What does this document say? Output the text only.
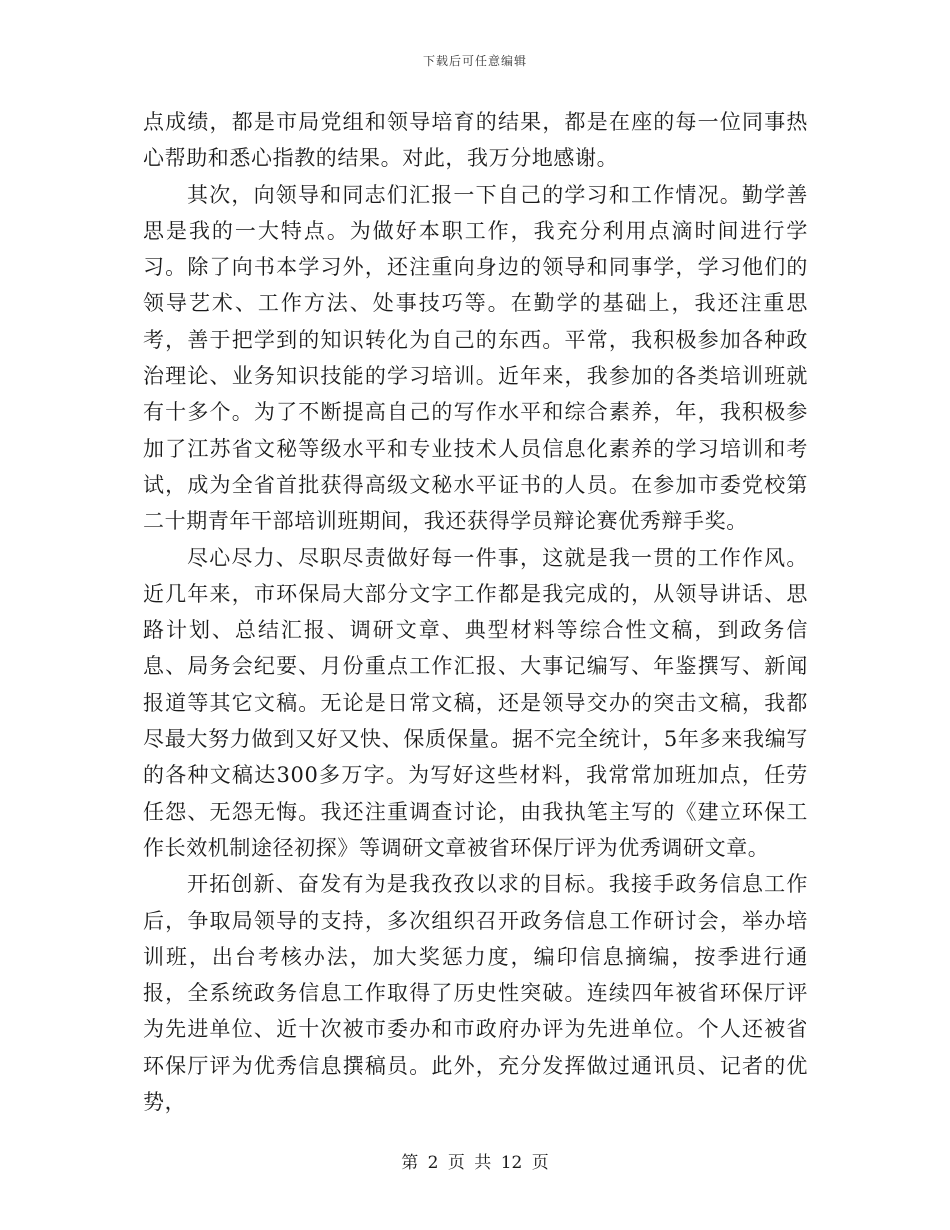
下载后可任意编辑

点成绩，都是市局党组和领导培育的结果，都是在座的每一位同事热心帮助和悉心指教的结果。对此，我万分地感谢。

其次，向领导和同志们汇报一下自己的学习和工作情况。勤学善思是我的一大特点。为做好本职工作，我充分利用点滴时间进行学习。除了向书本学习外，还注重向身边的领导和同事学，学习他们的领导艺术、工作方法、处事技巧等。在勤学的基础上，我还注重思考，善于把学到的知识转化为自己的东西。平常，我积极参加各种政治理论、业务知识技能的学习培训。近年来，我参加的各类培训班就有十多个。为了不断提高自己的写作水平和综合素养，年，我积极参加了江苏省文秘等级水平和专业技术人员信息化素养的学习培训和考试，成为全省首批获得高级文秘水平证书的人员。在参加市委党校第二十期青年干部培训班期间，我还获得学员辩论赛优秀辩手奖。

尽心尽力、尽职尽责做好每一件事，这就是我一贯的工作作风。近几年来，市环保局大部分文字工作都是我完成的，从领导讲话、思路计划、总结汇报、调研文章、典型材料等综合性文稿，到政务信息、局务会纪要、月份重点工作汇报、大事记编写、年鉴撰写、新闻报道等其它文稿。无论是日常文稿，还是领导交办的突击文稿，我都尽最大努力做到又好又快、保质保量。据不完全统计，5年多来我编写的各种文稿达300多万字。为写好这些材料，我常常加班加点，任劳任怨、无怨无悔。我还注重调查讨论，由我执笔主写的《建立环保工作长效机制途径初探》等调研文章被省环保厅评为优秀调研文章。

开拓创新、奋发有为是我孜孜以求的目标。我接手政务信息工作后，争取局领导的支持，多次组织召开政务信息工作研讨会，举办培训班，出台考核办法，加大奖惩力度，编印信息摘编，按季进行通报，全系统政务信息工作取得了历史性突破。连续四年被省环保厅评为先进单位、近十次被市委办和市政府办评为先进单位。个人还被省环保厅评为优秀信息撰稿员。此外，充分发挥做过通讯员、记者的优势，

第 2 页 共 12 页
